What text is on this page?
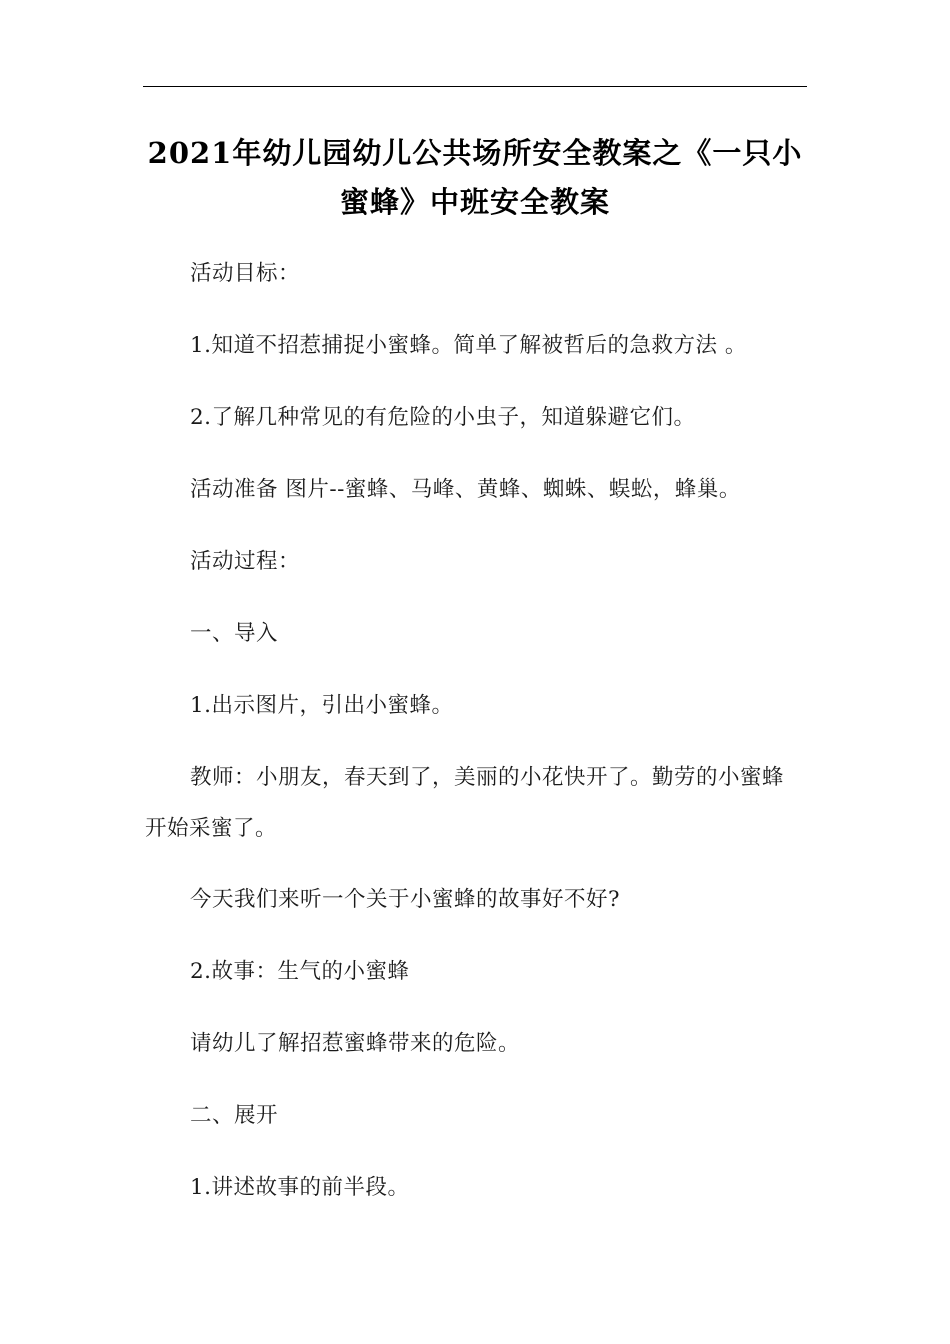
2021年幼儿园幼儿公共场所安全教案之《一只小
蜜蜂》中班安全教案
活动目标：
1.知道不招惹捕捉小蜜蜂。简单了解被哲后的急救方法 。
2.了解几种常见的有危险的小虫子，知道躲避它们。
活动准备 图片--蜜蜂、马峰、黄蜂、蜘蛛、蜈蚣，蜂巢。
活动过程：
一、导入
1.出示图片，引出小蜜蜂。
教师：小朋友，春天到了，美丽的小花快开了。勤劳的小蜜蜂
开始采蜜了。
今天我们来听一个关于小蜜蜂的故事好不好?
2.故事：生气的小蜜蜂
请幼儿了解招惹蜜蜂带来的危险。
二、展开
1.讲述故事的前半段。
